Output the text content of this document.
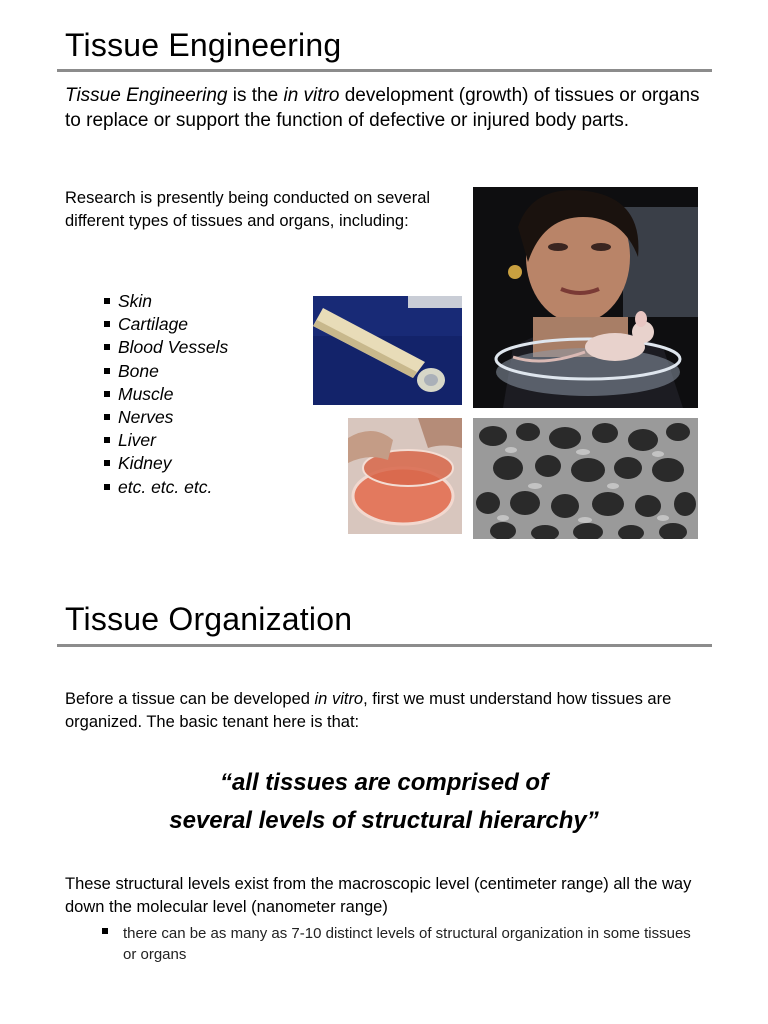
Tissue Engineering
Tissue Engineering is the in vitro development (growth) of tissues or organs to replace or support the function of defective or injured body parts.
Research is presently being conducted on several different types of tissues and organs, including:
Skin
Cartilage
Blood Vessels
Bone
Muscle
Nerves
Liver
Kidney
etc. etc. etc.
Tissue Organization
Before a tissue can be developed in vitro, first we must understand how tissues are organized. The basic tenant here is that:
“all tissues are comprised of
several levels of structural hierarchy”
These structural levels exist from the macroscopic level (centimeter range) all the way down the molecular level (nanometer range)
there can be as many as 7-10 distinct levels of structural organization in some tissues or organs
